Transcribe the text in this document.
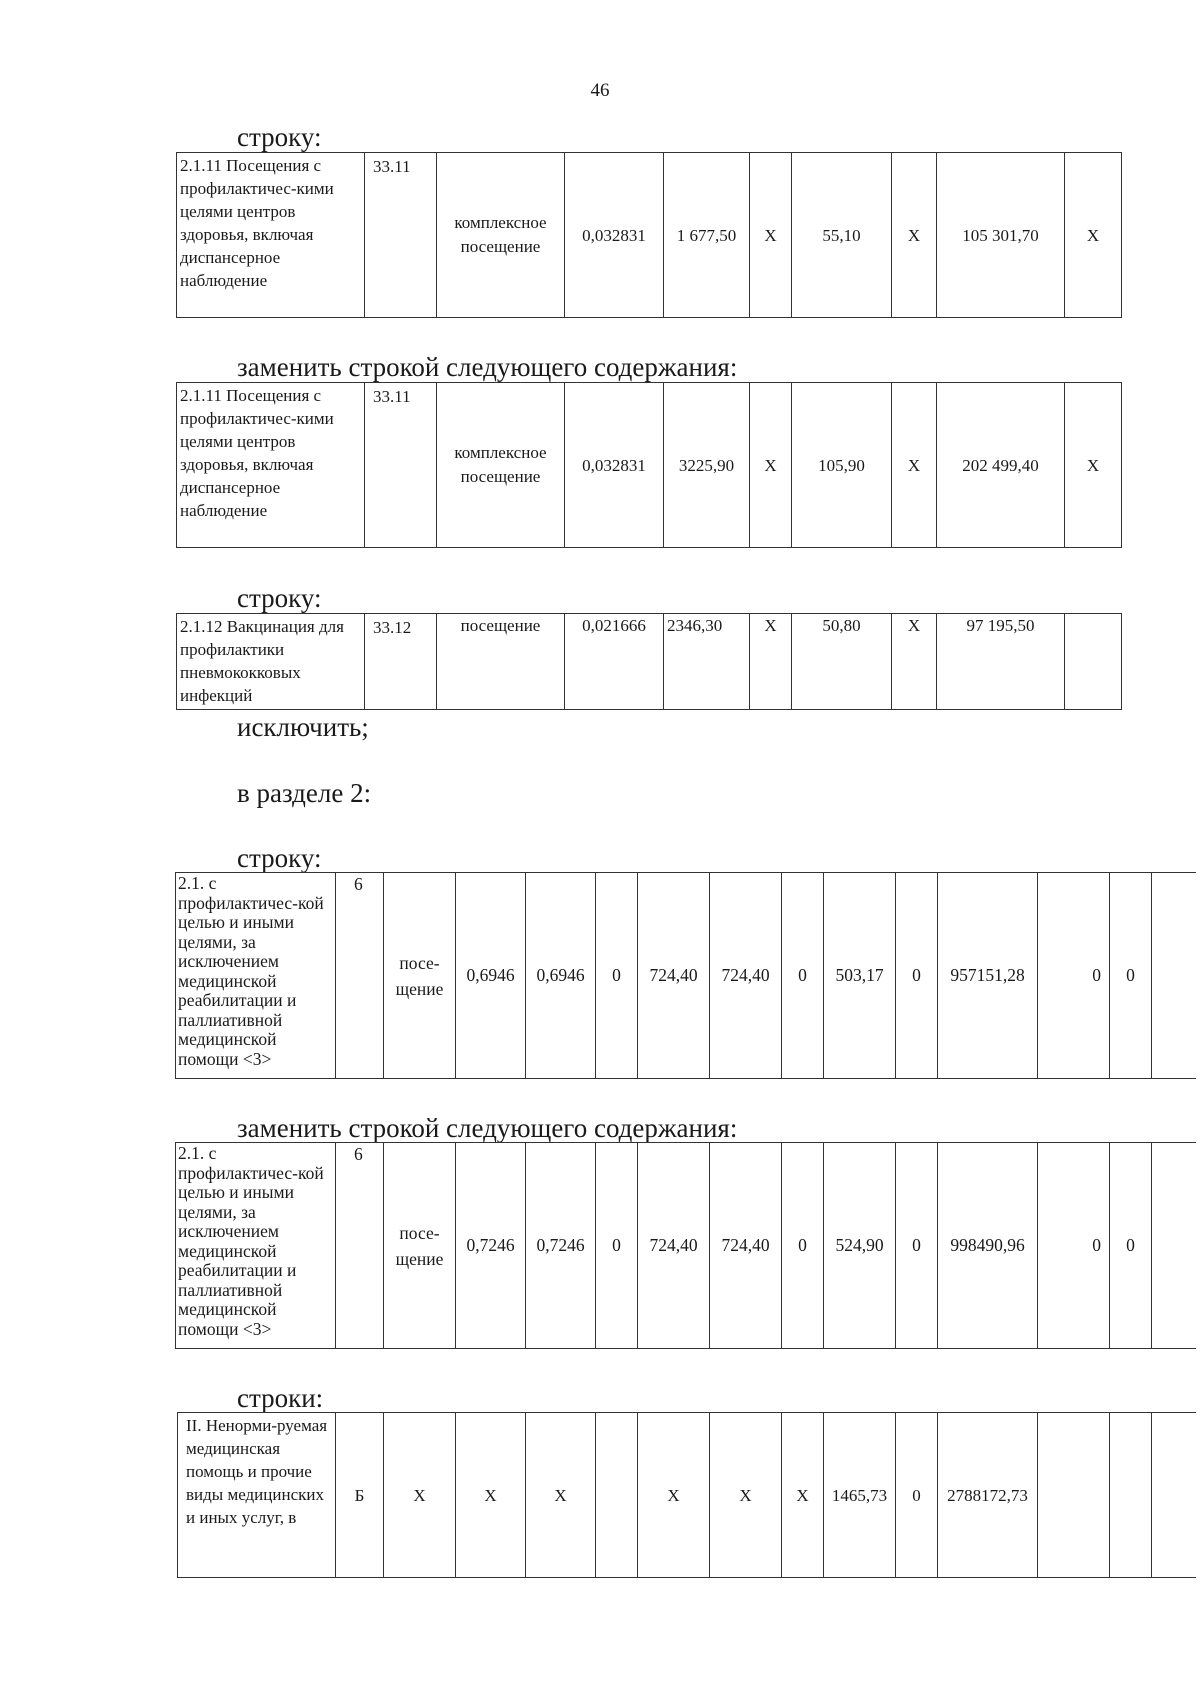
46
строку:
2.1.11 Посещения с профилактичес-кими целями центров здоровья, включая диспансерное наблюдение	33.11	комплексное посещение	0,032831	1 677,50	X	55,10	X	105 301,70	X
заменить строкой следующего содержания:
2.1.11 Посещения с профилактичес-кими целями центров здоровья, включая диспансерное наблюдение	33.11	комплексное посещение	0,032831	3225,90	X	105,90	X	202 499,40	X
строку:
2.1.12 Вакцинация для профилактики пневмококковых инфекций	33.12	посещение	0,021666	2346,30	X	50,80	X	97 195,50	
исключить;
в разделе 2:
строку:
2.1. с профилактичес-кой целью и иными целями, за исключением медицинской реабилитации и паллиативной медицинской помощи <3>	6	посе-щение	0,6946	0,6946	0	724,40	724,40	0	503,17	0	957151,28	0	0	
заменить строкой следующего содержания:
2.1. с профилактичес-кой целью и иными целями, за исключением медицинской реабилитации и паллиативной медицинской помощи <3>	6	посе-щение	0,7246	0,7246	0	724,40	724,40	0	524,90	0	998490,96	0	0	
строки:
II. Ненорми-руемая медицинская помощь и прочие виды медицинских и иных услуг, в	Б	X	X	X		X	X	X	1465,73	0	2788172,73			
